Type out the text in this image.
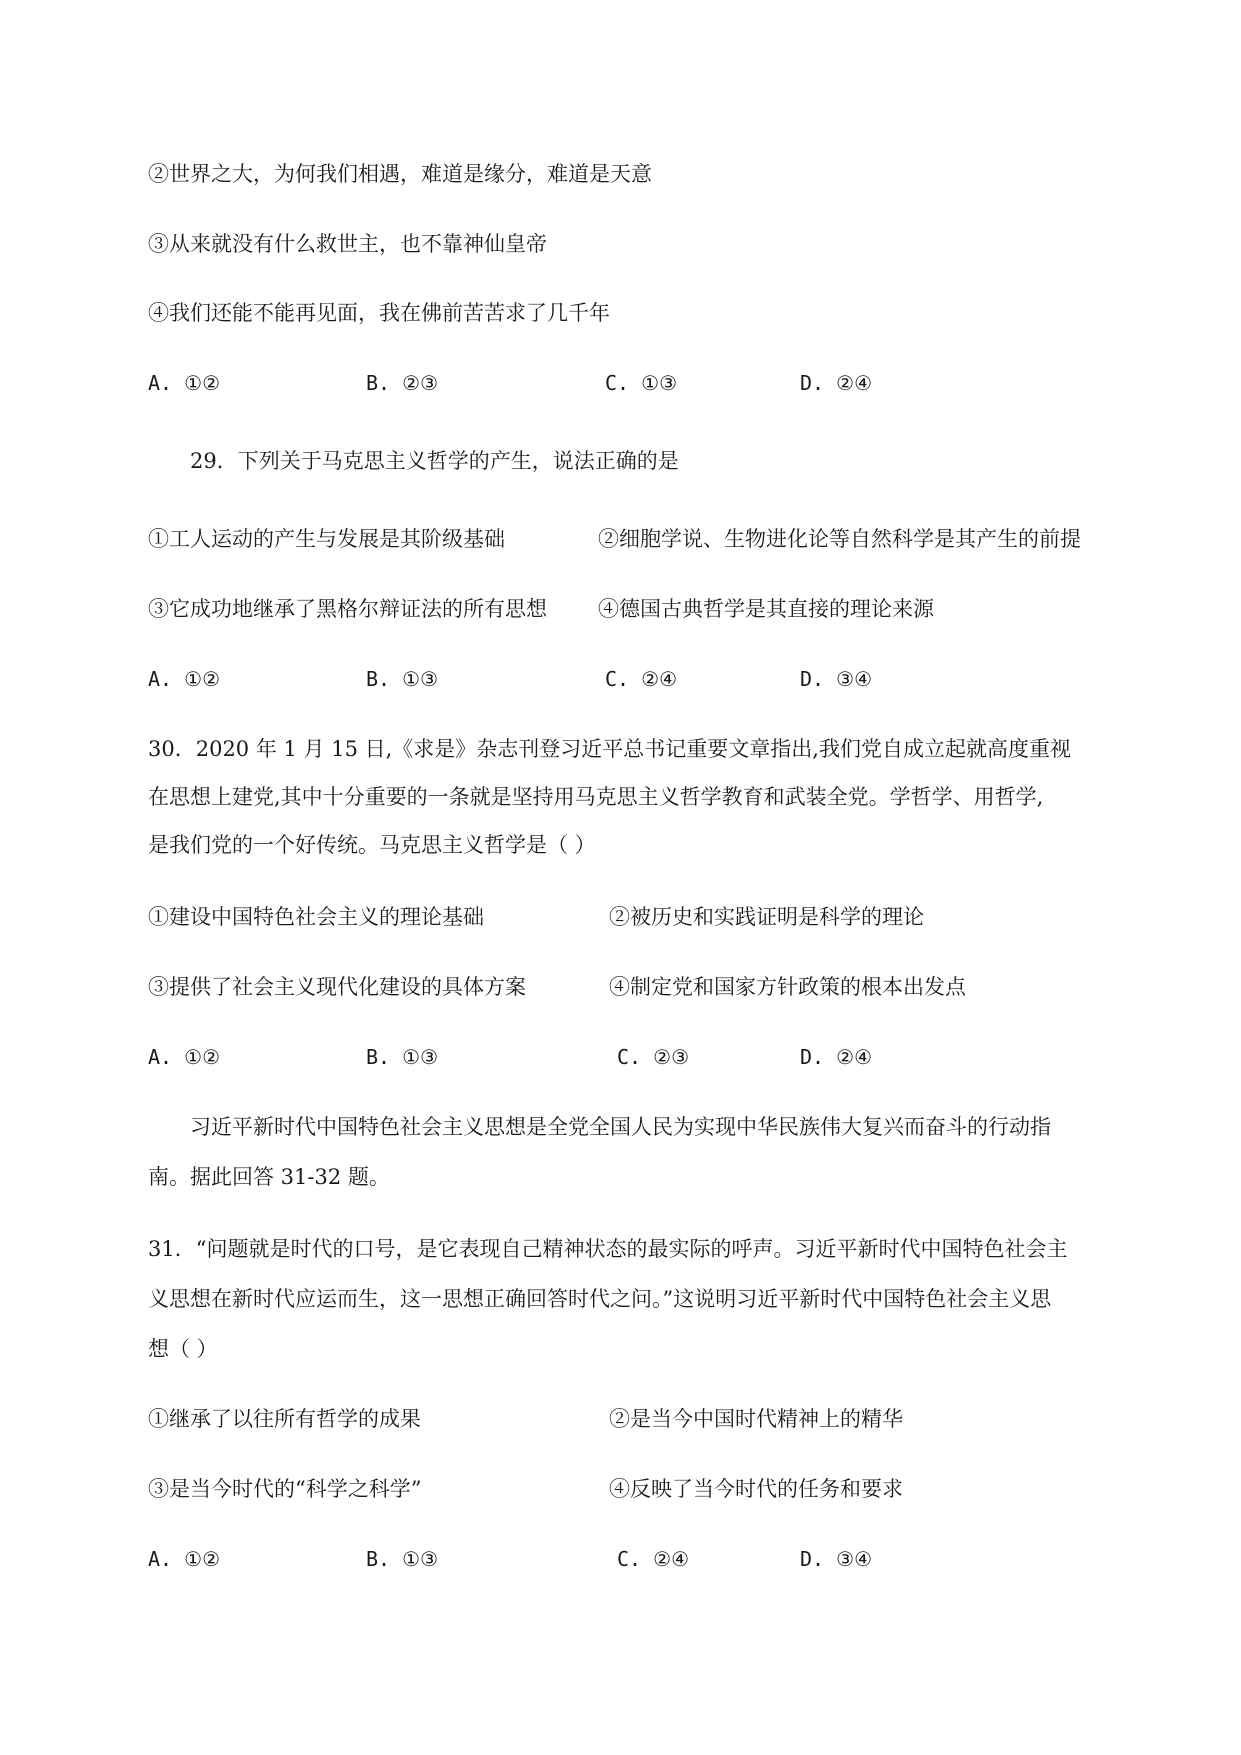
②世界之大，为何我们相遇，难道是缘分，难道是天意
③从来就没有什么救世主，也不靠神仙皇帝
④我们还能不能再见面，我在佛前苦苦求了几千年
A. ①②	B. ②③	C. ①③	D. ②④
29．下列关于马克思主义哲学的产生，说法正确的是
①工人运动的产生与发展是其阶级基础	②细胞学说、生物进化论等自然科学是其产生的前提
③它成功地继承了黑格尔辩证法的所有思想 ④德国古典哲学是其直接的理论来源
A. ①②	B. ①③	C. ②④	D. ③④
30．2020 年 1 月 15 日,《求是》杂志刊登习近平总书记重要文章指出,我们党自成立起就高度重视
在思想上建党,其中十分重要的一条就是坚持用马克思主义哲学教育和武装全党。学哲学、用哲学,
是我们党的一个好传统。马克思主义哲学是（ ）
①建设中国特色社会主义的理论基础	②被历史和实践证明是科学的理论
③提供了社会主义现代化建设的具体方案	④制定党和国家方针政策的根本出发点
A. ①②	B. ①③	C. ②③	D. ②④
习近平新时代中国特色社会主义思想是全党全国人民为实现中华民族伟大复兴而奋斗的行动指
南。据此回答 31-32 题。
31．“问题就是时代的口号，是它表现自己精神状态的最实际的呼声。习近平新时代中国特色社会主
义思想在新时代应运而生，这一思想正确回答时代之问。”这说明习近平新时代中国特色社会主义思
想（ ）
①继承了以往所有哲学的成果	②是当今中国时代精神上的精华
③是当今时代的“科学之科学”	④反映了当今时代的任务和要求
A. ①②	B. ①③	C. ②④	D. ③④
